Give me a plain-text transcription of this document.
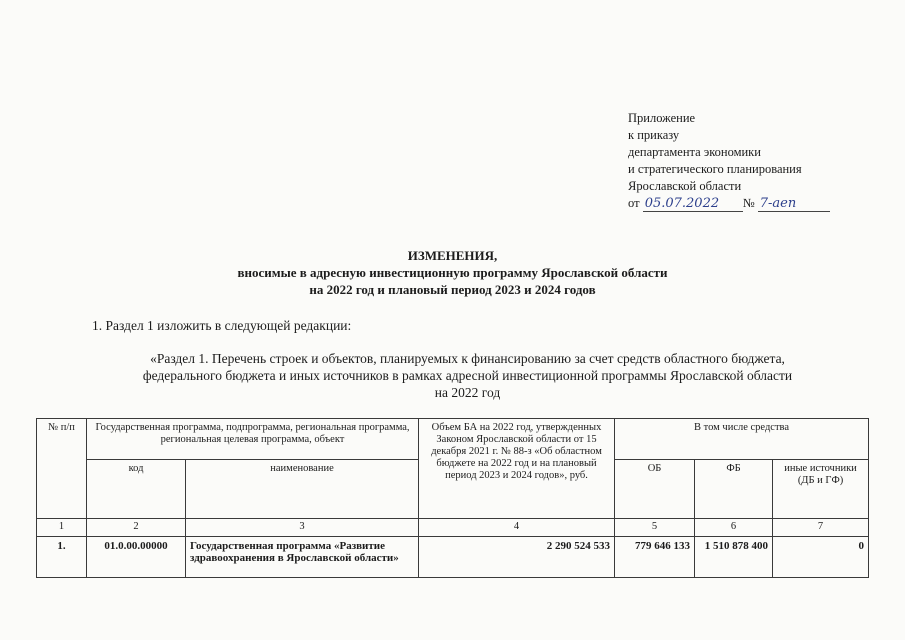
Приложение
к приказу
департамента экономики
и стратегического планирования
Ярославской области
от 05.07.2022 № 7-aen
ИЗМЕНЕНИЯ,
вносимые в адресную инвестиционную программу Ярославской области
на 2022 год и плановый период 2023 и 2024 годов
1. Раздел 1 изложить в следующей редакции:
«Раздел 1. Перечень строек и объектов, планируемых к финансированию за счет средств областного бюджета,
федерального бюджета и иных источников в рамках адресной инвестиционной программы Ярославской области
на 2022 год
№ п/п	Государственная программа, подпрограмма, региональная программа, региональная целевая программа, объект		Объем БА на 2022 год, утвержденных Законом Ярославской области от 15 декабря 2021 г. № 88-з «Об областном бюджете на 2022 год и на плановый период 2023 и 2024 годов», руб.	В том числе средства		
	код	наименование		ОБ	ФБ	иные источники (ДБ и ГФ)
1	2	3	4	5	6	7
1.	01.0.00.00000	Государственная программа «Развитие здравоохранения в Ярославской области»	2 290 524 533	779 646 133	1 510 878 400	0
